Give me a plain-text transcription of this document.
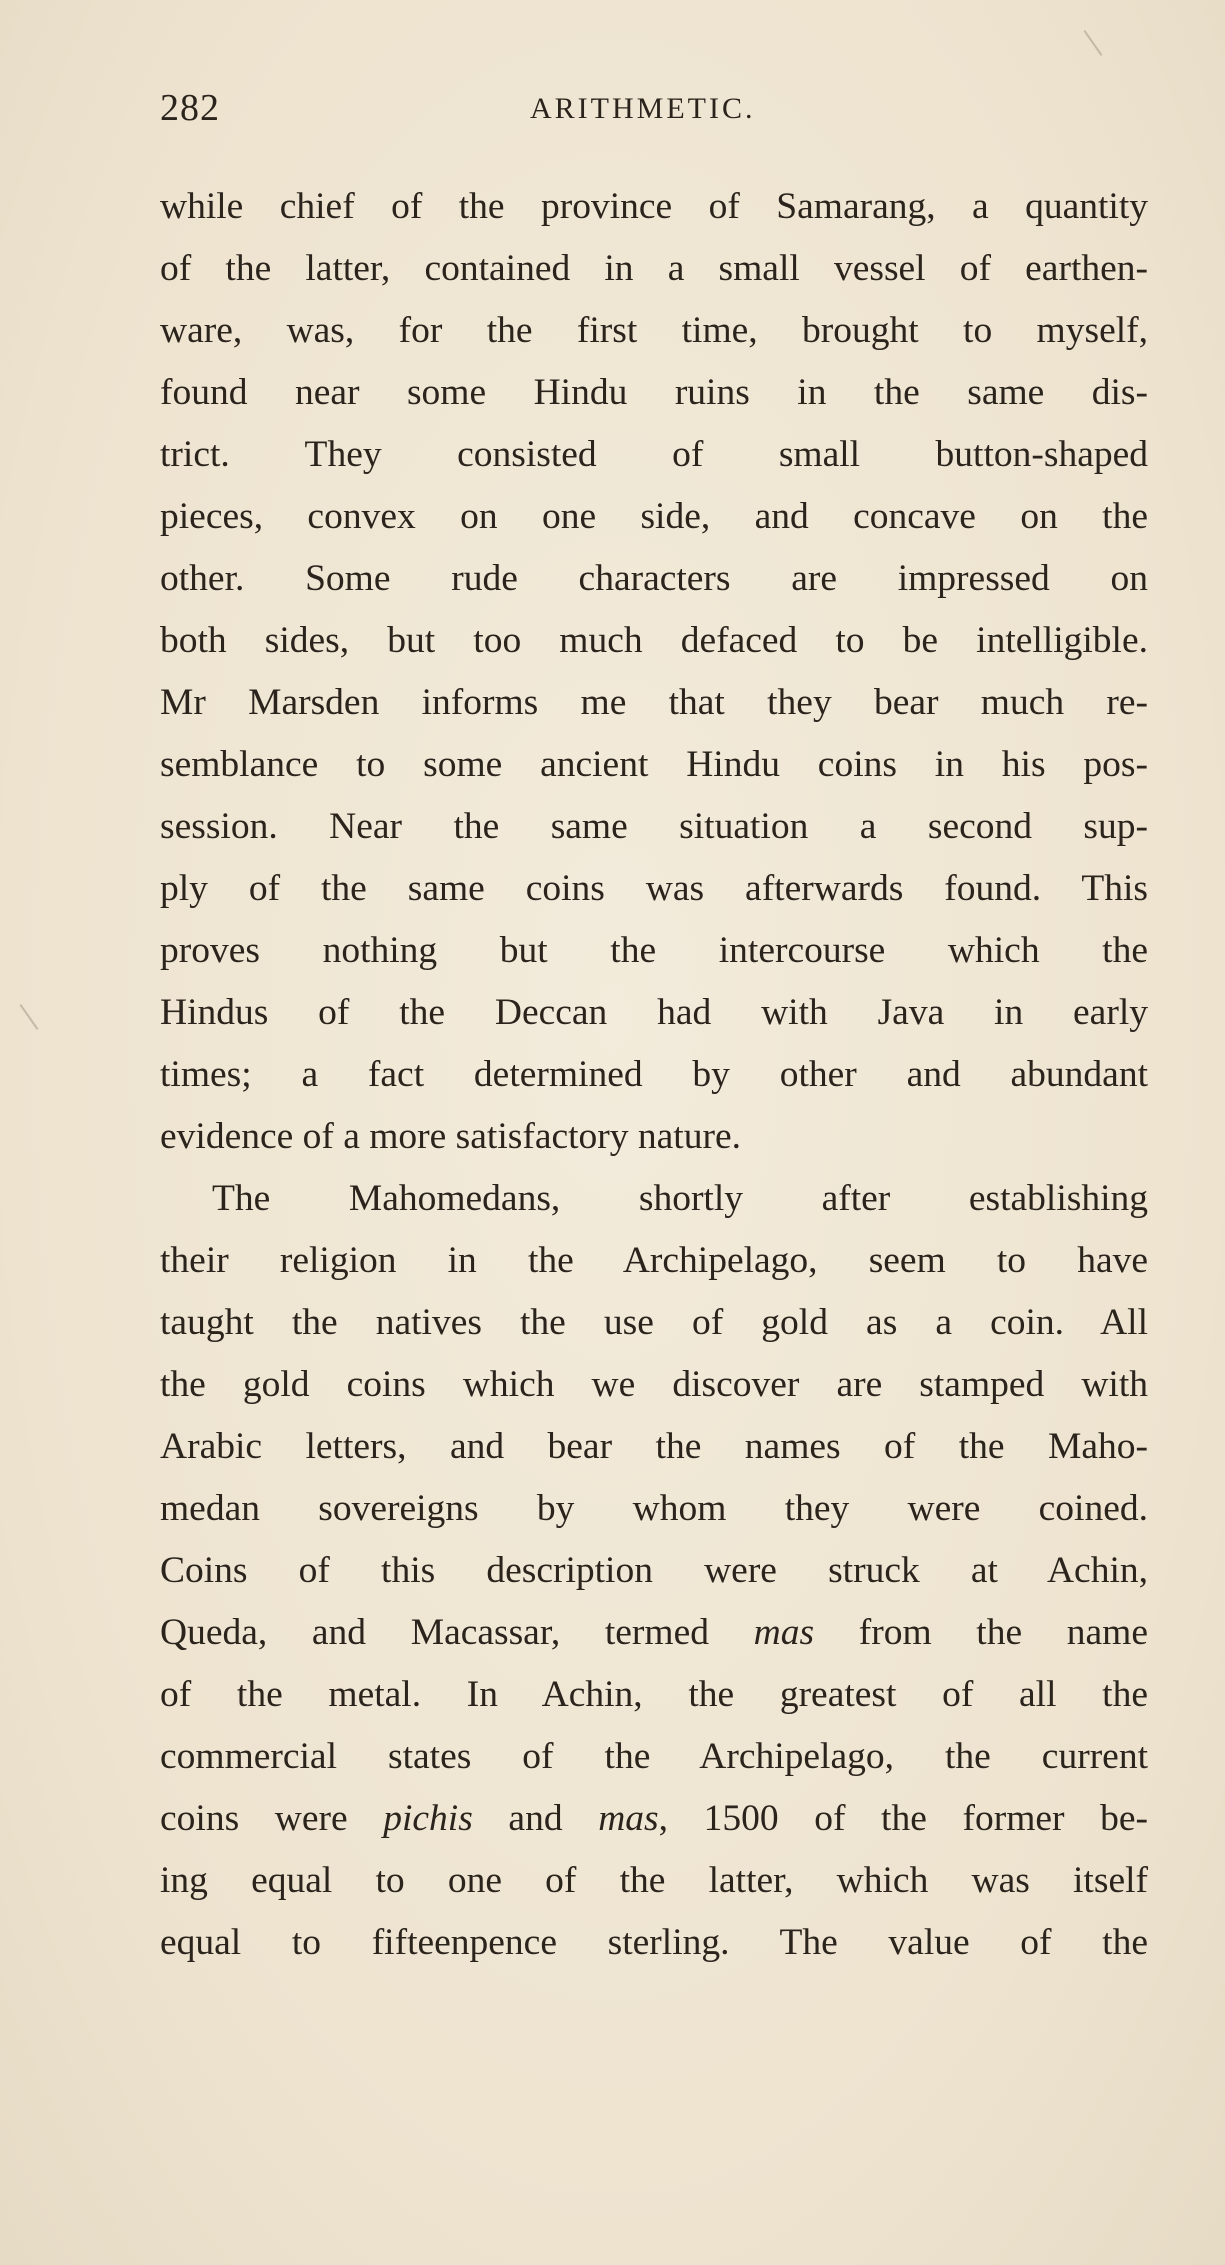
282	ARITHMETIC.
while chief of the province of Samarang, a quantity
of the latter, contained in a small vessel of earthen-
ware, was, for the first time, brought to myself,
found near some Hindu ruins in the same dis-
trict. They consisted of small button-shaped
pieces, convex on one side, and concave on the
other. Some rude characters are impressed on
both sides, but too much defaced to be intelligible.
Mr Marsden informs me that they bear much re-
semblance to some ancient Hindu coins in his pos-
session. Near the same situation a second sup-
ply of the same coins was afterwards found. This
proves nothing but the intercourse which the
Hindus of the Deccan had with Java in early
times; a fact determined by other and abundant
evidence of a more satisfactory nature.
The Mahomedans, shortly after establishing
their religion in the Archipelago, seem to have
taught the natives the use of gold as a coin. All
the gold coins which we discover are stamped with
Arabic letters, and bear the names of the Maho-
medan sovereigns by whom they were coined.
Coins of this description were struck at Achin,
Queda, and Macassar, termed mas from the name
of the metal. In Achin, the greatest of all the
commercial states of the Archipelago, the current
coins were pichis and mas, 1500 of the former be-
ing equal to one of the latter, which was itself
equal to fifteenpence sterling. The value of the
